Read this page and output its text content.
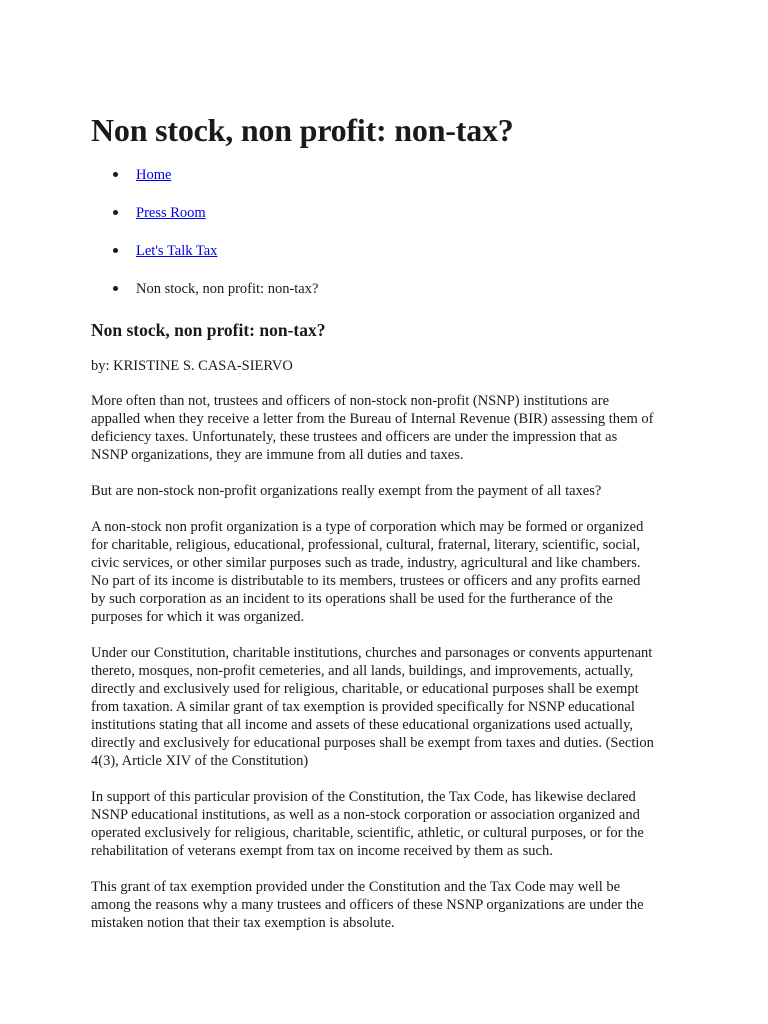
Non stock, non profit: non-tax?
Home
Press Room
Let's Talk Tax
Non stock, non profit: non-tax?
Non stock, non profit: non-tax?
by: KRISTINE S. CASA-SIERVO

More often than not, trustees and officers of non-stock non-profit (NSNP) institutions are
appalled when they receive a letter from the Bureau of Internal Revenue (BIR) assessing them of
deficiency taxes. Unfortunately, these trustees and officers are under the impression that as
NSNP organizations, they are immune from all duties and taxes.

But are non-stock non-profit organizations really exempt from the payment of all taxes?

A non-stock non profit organization is a type of corporation which may be formed or organized
for charitable, religious, educational, professional, cultural, fraternal, literary, scientific, social,
civic services, or other similar purposes such as trade, industry, agricultural and like chambers.
No part of its income is distributable to its members, trustees or officers and any profits earned
by such corporation as an incident to its operations shall be used for the furtherance of the
purposes for which it was organized.

Under our Constitution, charitable institutions, churches and parsonages or convents appurtenant
thereto, mosques, non-profit cemeteries, and all lands, buildings, and improvements, actually,
directly and exclusively used for religious, charitable, or educational purposes shall be exempt
from taxation. A similar grant of tax exemption is provided specifically for NSNP educational
institutions stating that all income and assets of these educational organizations used actually,
directly and exclusively for educational purposes shall be exempt from taxes and duties. (Section
4(3), Article XIV of the Constitution)

In support of this particular provision of the Constitution, the Tax Code, has likewise declared
NSNP educational institutions, as well as a non-stock corporation or association organized and
operated exclusively for religious, charitable, scientific, athletic, or cultural purposes, or for the
rehabilitation of veterans exempt from tax on income received by them as such.

This grant of tax exemption provided under the Constitution and the Tax Code may well be
among the reasons why a many trustees and officers of these NSNP organizations are under the
mistaken notion that their tax exemption is absolute.
